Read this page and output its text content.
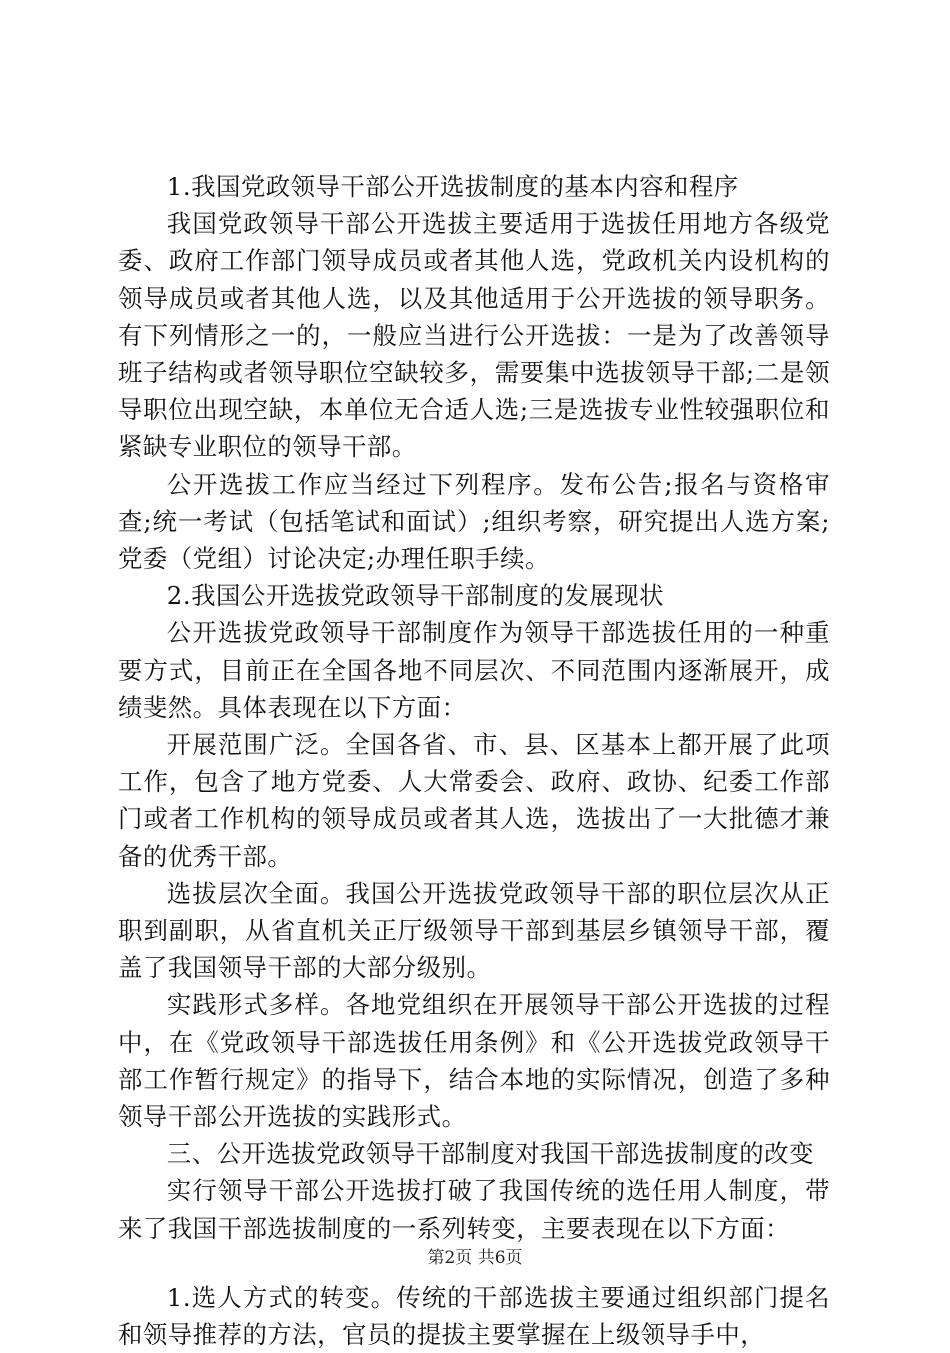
1.我国党政领导干部公开选拔制度的基本内容和程序

我国党政领导干部公开选拔主要适用于选拔任用地方各级党委、政府工作部门领导成员或者其他人选，党政机关内设机构的领导成员或者其他人选，以及其他适用于公开选拔的领导职务。有下列情形之一的，一般应当进行公开选拔：一是为了改善领导班子结构或者领导职位空缺较多，需要集中选拔领导干部;二是领导职位出现空缺，本单位无合适人选;三是选拔专业性较强职位和紧缺专业职位的领导干部。

公开选拔工作应当经过下列程序。发布公告;报名与资格审查;统一考试（包括笔试和面试）;组织考察，研究提出人选方案;党委（党组）讨论决定;办理任职手续。

2.我国公开选拔党政领导干部制度的发展现状

公开选拔党政领导干部制度作为领导干部选拔任用的一种重要方式，目前正在全国各地不同层次、不同范围内逐渐展开，成绩斐然。具体表现在以下方面：

开展范围广泛。全国各省、市、县、区基本上都开展了此项工作，包含了地方党委、人大常委会、政府、政协、纪委工作部门或者工作机构的领导成员或者其人选，选拔出了一大批德才兼备的优秀干部。

选拔层次全面。我国公开选拔党政领导干部的职位层次从正职到副职，从省直机关正厅级领导干部到基层乡镇领导干部，覆盖了我国领导干部的大部分级别。

实践形式多样。各地党组织在开展领导干部公开选拔的过程中，在《党政领导干部选拔任用条例》和《公开选拔党政领导干部工作暂行规定》的指导下，结合本地的实际情况，创造了多种领导干部公开选拔的实践形式。

三、公开选拔党政领导干部制度对我国干部选拔制度的改变

实行领导干部公开选拔打破了我国传统的选任用人制度，带来了我国干部选拔制度的一系列转变，主要表现在以下方面：

1.选人方式的转变。传统的干部选拔主要通过组织部门提名和领导推荐的方法，官员的提拔主要掌握在上级领导手中，

第2页 共6页
